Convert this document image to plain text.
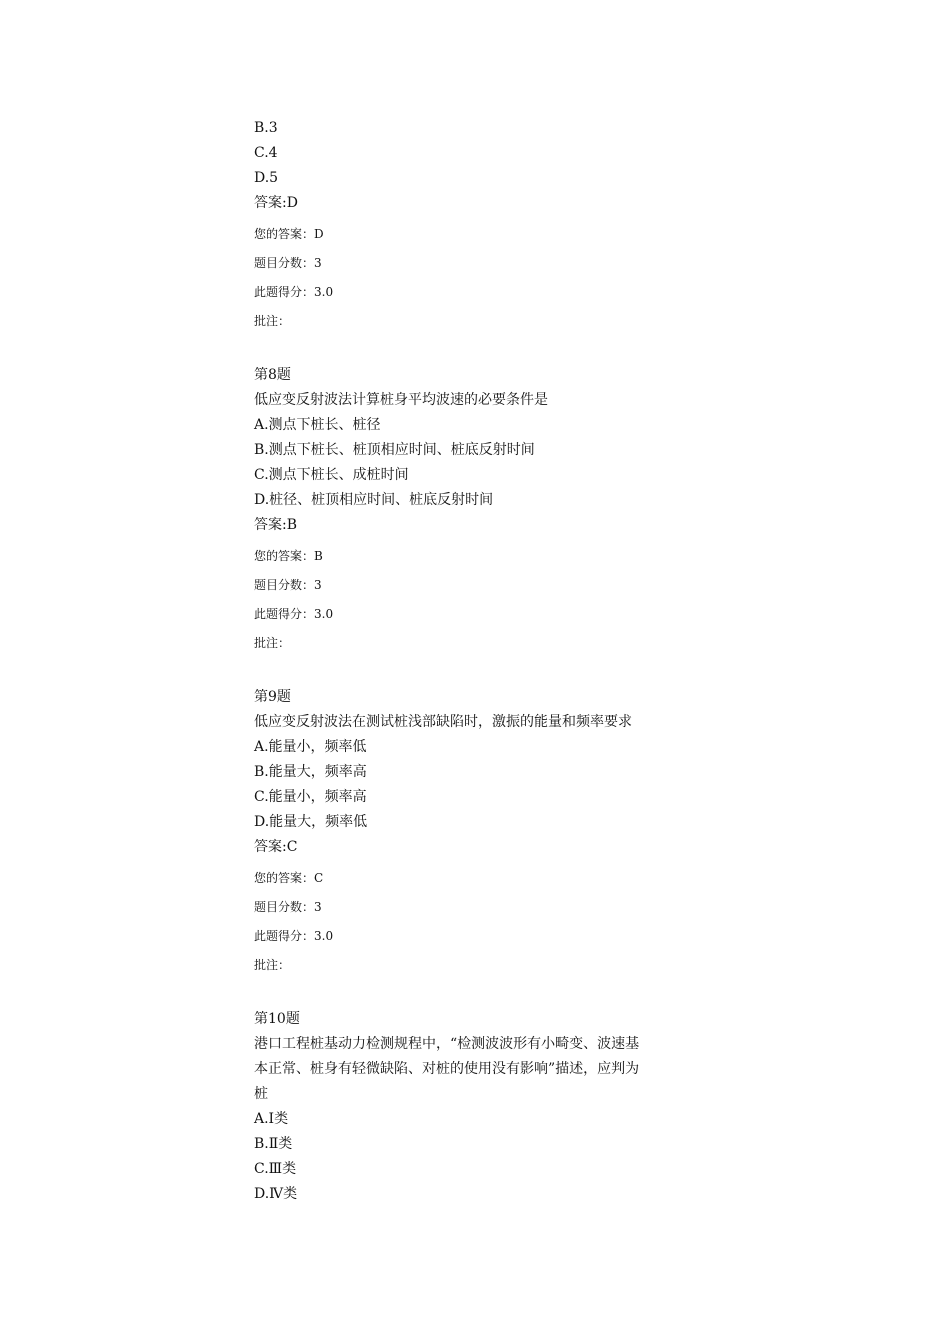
B.3
C.4
D.5
答案:D
您的答案：D
题目分数：3
此题得分：3.0
批注：
第8题
低应变反射波法计算桩身平均波速的必要条件是
A.测点下桩长、桩径
B.测点下桩长、桩顶相应时间、桩底反射时间
C.测点下桩长、成桩时间
D.桩径、桩顶相应时间、桩底反射时间
答案:B
您的答案：B
题目分数：3
此题得分：3.0
批注：
第9题
低应变反射波法在测试桩浅部缺陷时，激振的能量和频率要求
A.能量小，频率低
B.能量大，频率高
C.能量小，频率高
D.能量大，频率低
答案:C
您的答案：C
题目分数：3
此题得分：3.0
批注：
第10题
港口工程桩基动力检测规程中，“检测波波形有小畸变、波速基
本正常、桩身有轻微缺陷、对桩的使用没有影响”描述，应判为
桩
A.Ⅰ类
B.Ⅱ类
C.Ⅲ类
D.Ⅳ类
